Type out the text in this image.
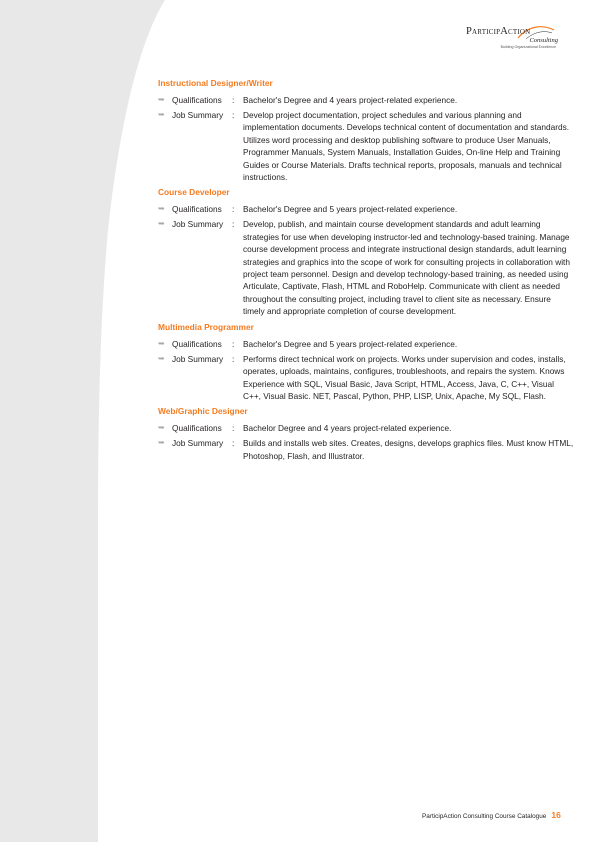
ParticipAction
Consulting
Building Organizational Excellence
Instructional Designer/Writer
➥ Qualifications	:	Bachelor's Degree and 4 years project-related experience.
➥ Job Summary	:	Develop project documentation, project schedules and various planning and implementation documents. Develops technical content of documentation and standards. Utilizes word processing and desktop publishing software to produce User Manuals, Programmer Manuals, System Manuals, Installation Guides, On-line Help and Training Guides or Course Materials. Drafts technical reports, proposals, manuals and technical instructions.
Course Developer
➥ Qualifications	:	Bachelor's Degree and 5 years project-related experience.
➥ Job Summary	:	Develop, publish, and maintain course development standards and adult learning strategies for use when developing instructor-led and technology-based training. Manage course development process and integrate instructional design standards, adult learning strategies and graphics into the scope of work for consulting projects in collaboration with project team personnel. Design and develop technology-based training, as needed using Articulate, Captivate, Flash, HTML and RoboHelp. Communicate with client as needed throughout the consulting project, including travel to client site as necessary. Ensure timely and appropriate completion of course development.
Multimedia Programmer
➥ Qualifications	:	Bachelor's Degree and 5 years project-related experience.
➥ Job Summary	:	Performs direct technical work on projects. Works under supervision and codes, installs, operates, uploads, maintains, configures, troubleshoots, and repairs the system. Knows Experience with SQL, Visual Basic, Java Script, HTML, Access, Java, C, C++, Visual C++, Visual Basic. NET, Pascal, Python, PHP, LISP, Unix, Apache, My SQL, Flash.
Web/Graphic Designer
➥ Qualifications	:	Bachelor Degree and 4 years project-related experience.
➥ Job Summary	:	Builds and installs web sites. Creates, designs, develops graphics files. Must know HTML, Photoshop, Flash, and Illustrator.
ParticipAction Consulting Course Catalogue 16
